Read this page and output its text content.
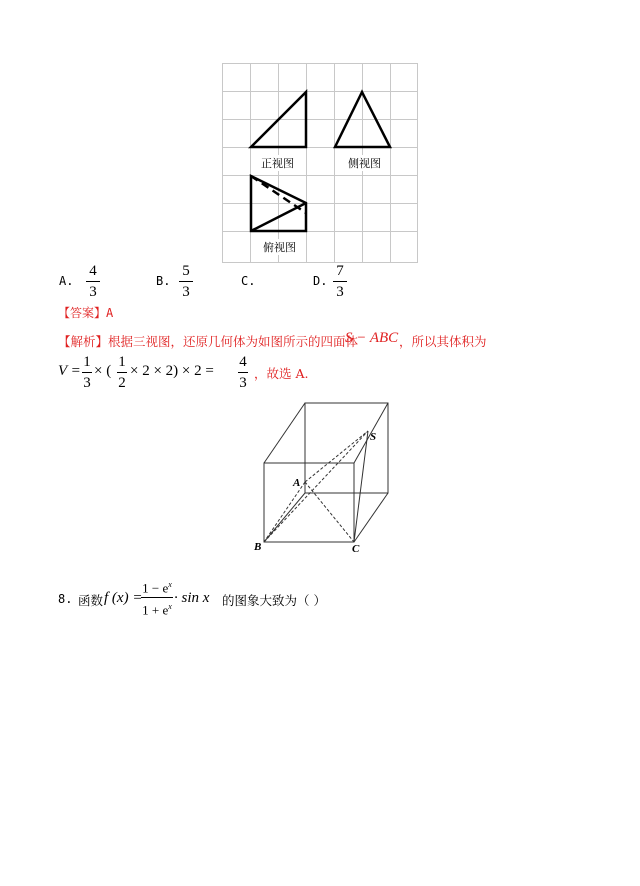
正视图	侧视图
俯视图
A.
4
3
B.
5
3
C.	D.
7
3
【答案】A
【解析】根据三视图，还原几何体为如图所示的四面体
S − ABC ，所以其体积为
V =
1
3
× (
1
2
× 2 × 2) × 2 =
4
3
，故选 A.
S
A
B	C
8. 函数 f (x) =
$1 - e^x$
$1 + e^x$
· sin x 的图象大致为（ ）
